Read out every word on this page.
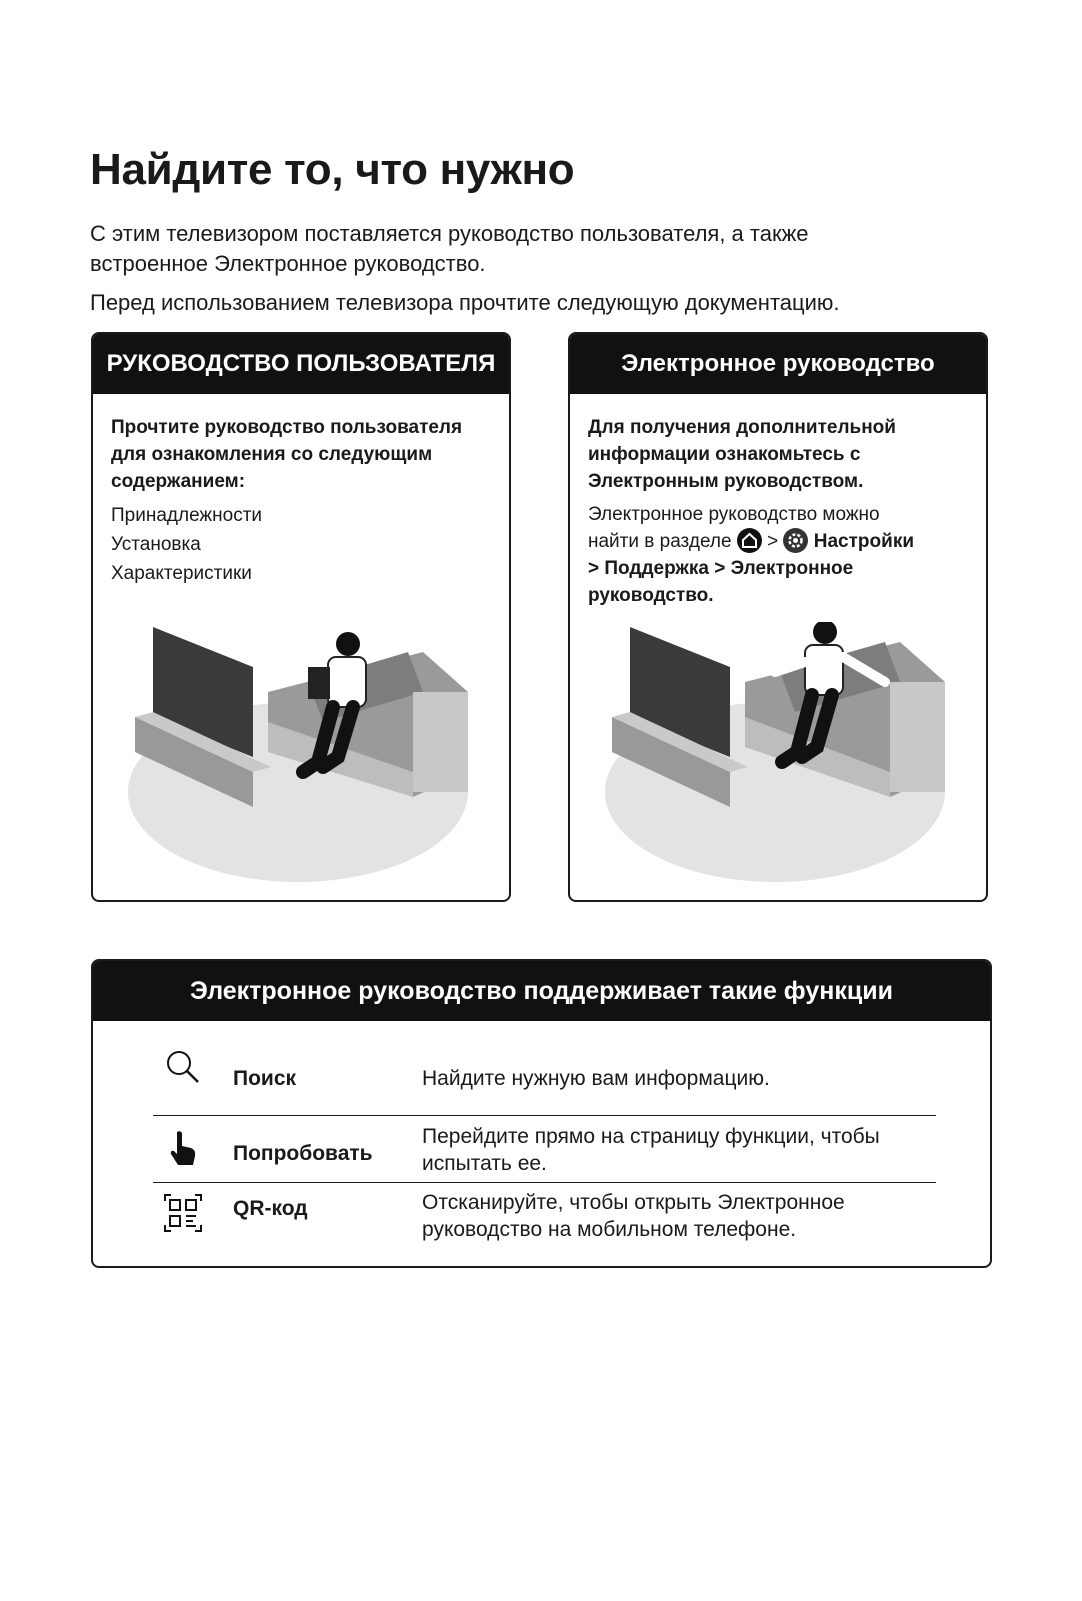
Найдите то, что нужно

С этим телевизором поставляется руководство пользователя, а также
встроенное Электронное руководство.

Перед использованием телевизора прочтите следующую документацию.

РУКОВОДСТВО ПОЛЬЗОВАТЕЛЯ

Прочтите руководство пользователя
для ознакомления со следующим
содержанием:

Принадлежности

Установка

Характеристики

Электронное руководство

Для получения дополнительной
информации ознакомьтесь с
Электронным руководством.

Электронное руководство можно
найти в разделе > Настройки
> Поддержка > Электронное
руководство.

Электронное руководство поддерживает такие функции
Поиск	Найдите нужную вам информацию.
Попробовать
Перейдите прямо на страницу функции, чтобы
испытать ее.
QR-код	Отсканируйте, чтобы открыть Электронное
руководство на мобильном телефоне.
